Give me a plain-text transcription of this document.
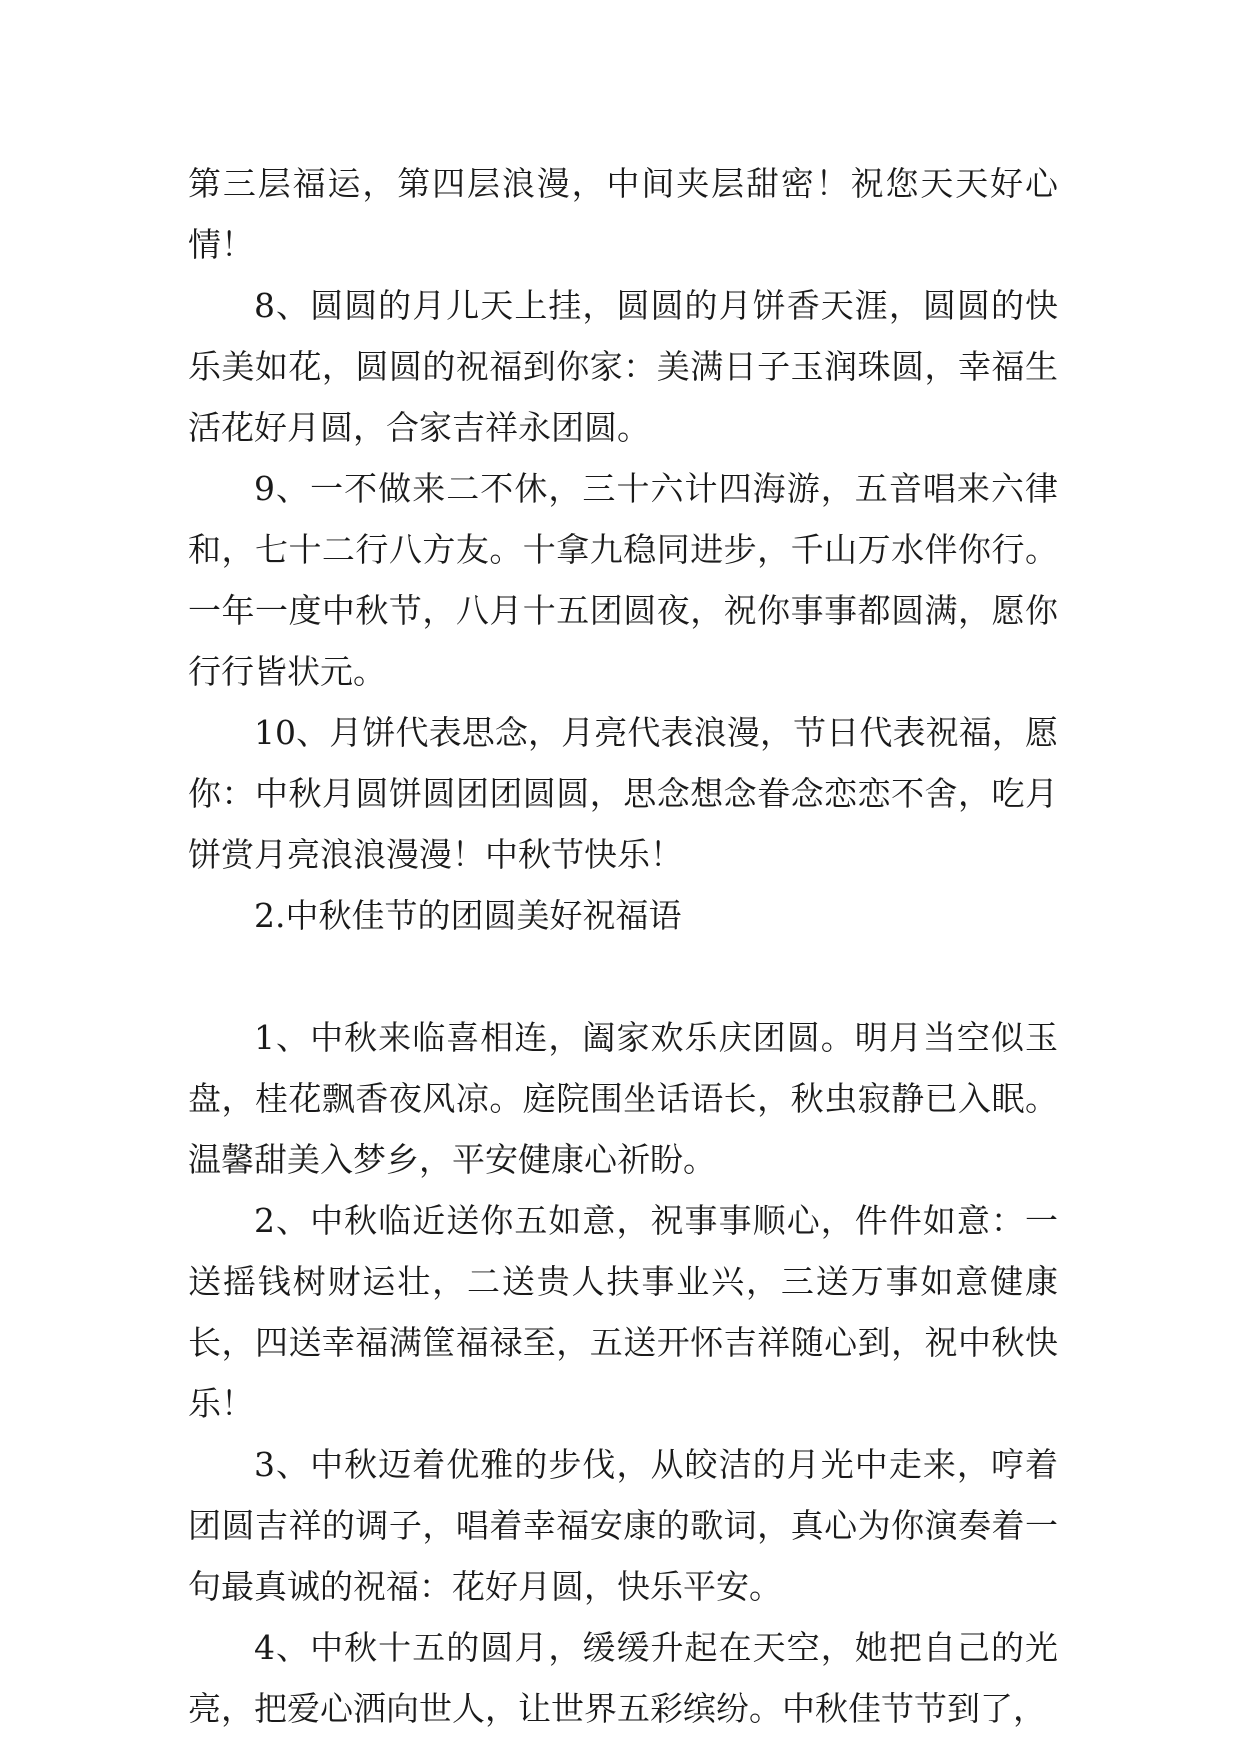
第三层福运，第四层浪漫，中间夹层甜密！祝您天天好心情！

8、圆圆的月儿天上挂，圆圆的月饼香天涯，圆圆的快乐美如花，圆圆的祝福到你家：美满日子玉润珠圆，幸福生活花好月圆，合家吉祥永团圆。

9、一不做来二不休，三十六计四海游，五音唱来六律和，七十二行八方友。十拿九稳同进步，千山万水伴你行。一年一度中秋节，八月十五团圆夜，祝你事事都圆满，愿你行行皆状元。

10、月饼代表思念，月亮代表浪漫，节日代表祝福，愿你：中秋月圆饼圆团团圆圆，思念想念眷念恋恋不舍，吃月饼赏月亮浪浪漫漫！中秋节快乐！

2.中秋佳节的团圆美好祝福语

1、中秋来临喜相连，阖家欢乐庆团圆。明月当空似玉盘，桂花飘香夜风凉。庭院围坐话语长，秋虫寂静已入眠。温馨甜美入梦乡，平安健康心祈盼。

2、中秋临近送你五如意，祝事事顺心，件件如意：一送摇钱树财运壮，二送贵人扶事业兴，三送万事如意健康长，四送幸福满筐福禄至，五送开怀吉祥随心到，祝中秋快乐！

3、中秋迈着优雅的步伐，从皎洁的月光中走来，哼着团圆吉祥的调子，唱着幸福安康的歌词，真心为你演奏着一句最真诚的祝福：花好月圆，快乐平安。

4、中秋十五的圆月，缓缓升起在天空，她把自己的光亮，把爱心洒向世人，让世界五彩缤纷。中秋佳节节到了，
